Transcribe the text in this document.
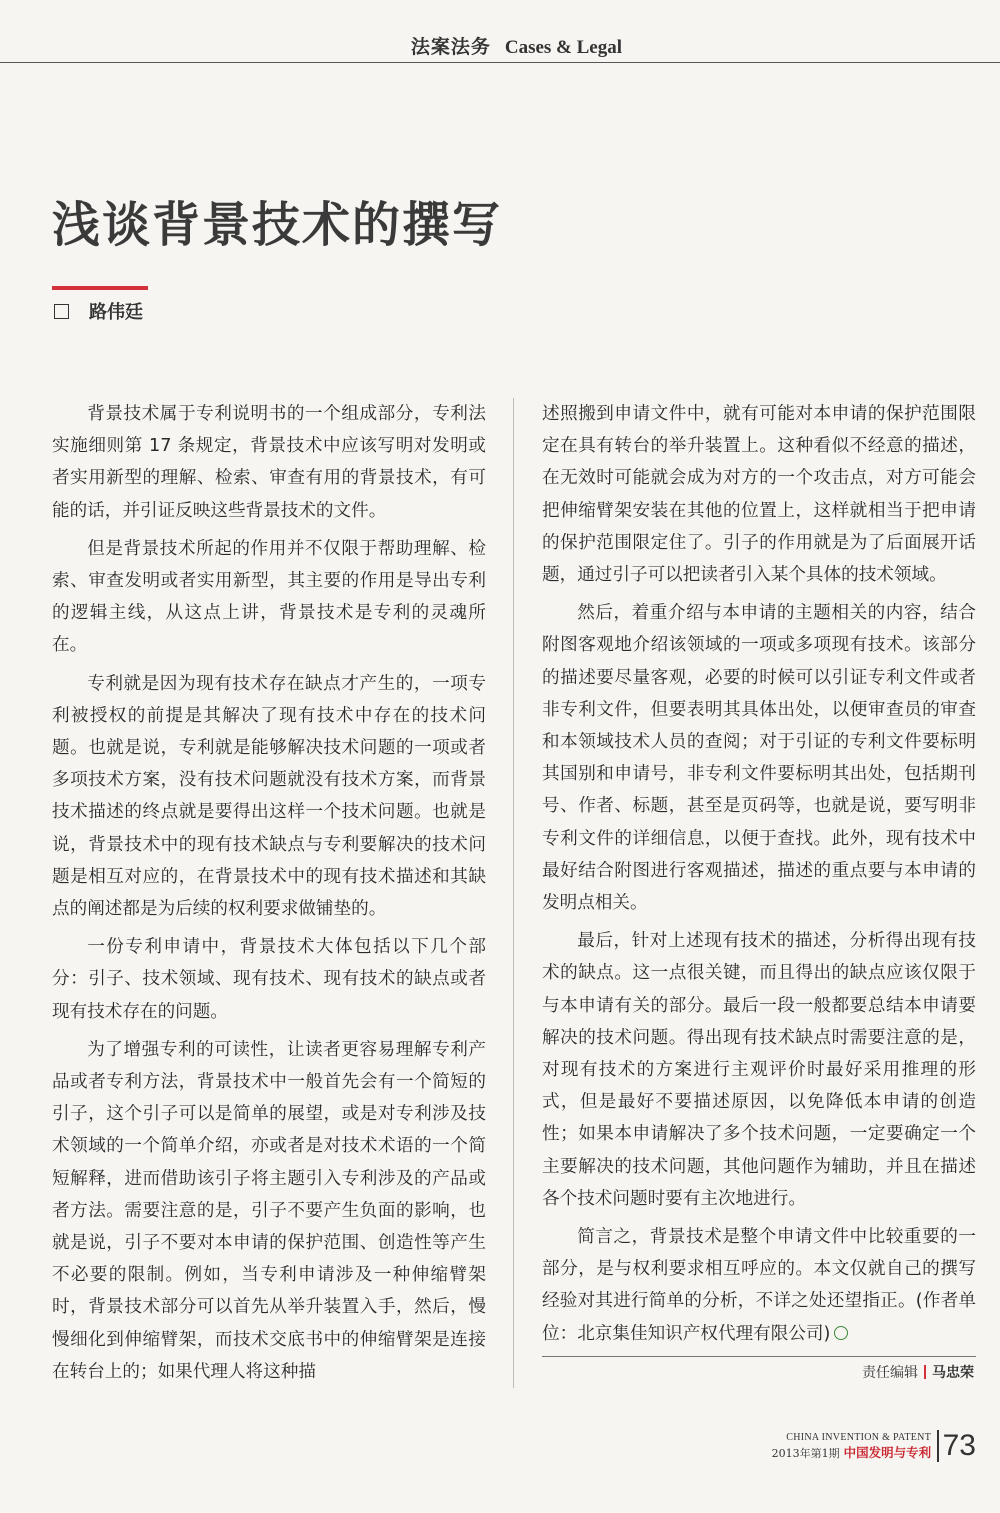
法案法务 Cases & Legal
浅谈背景技术的撰写
路伟廷

背景技术属于专利说明书的一个组成部分，专利法实施细则第 17 条规定，背景技术中应该写明对发明或者实用新型的理解、检索、审查有用的背景技术，有可能的话，并引证反映这些背景技术的文件。

但是背景技术所起的作用并不仅限于帮助理解、检索、审查发明或者实用新型，其主要的作用是导出专利的逻辑主线，从这点上讲，背景技术是专利的灵魂所在。

专利就是因为现有技术存在缺点才产生的，一项专利被授权的前提是其解决了现有技术中存在的技术问题。也就是说，专利就是能够解决技术问题的一项或者多项技术方案，没有技术问题就没有技术方案，而背景技术描述的终点就是要得出这样一个技术问题。也就是说，背景技术中的现有技术缺点与专利要解决的技术问题是相互对应的，在背景技术中的现有技术描述和其缺点的阐述都是为后续的权利要求做铺垫的。

一份专利申请中，背景技术大体包括以下几个部分：引子、技术领域、现有技术、现有技术的缺点或者现有技术存在的问题。

为了增强专利的可读性，让读者更容易理解专利产品或者专利方法，背景技术中一般首先会有一个简短的引子，这个引子可以是简单的展望，或是对专利涉及技术领域的一个简单介绍，亦或者是对技术术语的一个简短解释，进而借助该引子将主题引入专利涉及的产品或者方法。需要注意的是，引子不要产生负面的影响，也就是说，引子不要对本申请的保护范围、创造性等产生不必要的限制。例如，当专利申请涉及一种伸缩臂架时，背景技术部分可以首先从举升装置入手，然后，慢慢细化到伸缩臂架，而技术交底书中的伸缩臂架是连接在转台上的；如果代理人将这种描

述照搬到申请文件中，就有可能对本申请的保护范围限定在具有转台的举升装置上。这种看似不经意的描述，在无效时可能就会成为对方的一个攻击点，对方可能会把伸缩臂架安装在其他的位置上，这样就相当于把申请的保护范围限定住了。引子的作用就是为了后面展开话题，通过引子可以把读者引入某个具体的技术领域。

然后，着重介绍与本申请的主题相关的内容，结合附图客观地介绍该领域的一项或多项现有技术。该部分的描述要尽量客观，必要的时候可以引证专利文件或者非专利文件，但要表明其具体出处，以便审查员的审查和本领域技术人员的查阅；对于引证的专利文件要标明其国别和申请号，非专利文件要标明其出处，包括期刊号、作者、标题，甚至是页码等，也就是说，要写明非专利文件的详细信息，以便于查找。此外，现有技术中最好结合附图进行客观描述，描述的重点要与本申请的发明点相关。

最后，针对上述现有技术的描述，分析得出现有技术的缺点。这一点很关键，而且得出的缺点应该仅限于与本申请有关的部分。最后一段一般都要总结本申请要解决的技术问题。得出现有技术缺点时需要注意的是，对现有技术的方案进行主观评价时最好采用推理的形式，但是最好不要描述原因，以免降低本申请的创造性；如果本申请解决了多个技术问题，一定要确定一个主要解决的技术问题，其他问题作为辅助，并且在描述各个技术问题时要有主次地进行。

简言之，背景技术是整个申请文件中比较重要的一部分，是与权利要求相互呼应的。本文仅就自己的撰写经验对其进行简单的分析，不详之处还望指正。(作者单位：北京集佳知识产权代理有限公司)

责任编辑 马忠荣
CHINA INVENTION & PATENT
2013年第1期 中国发明与专利 73
